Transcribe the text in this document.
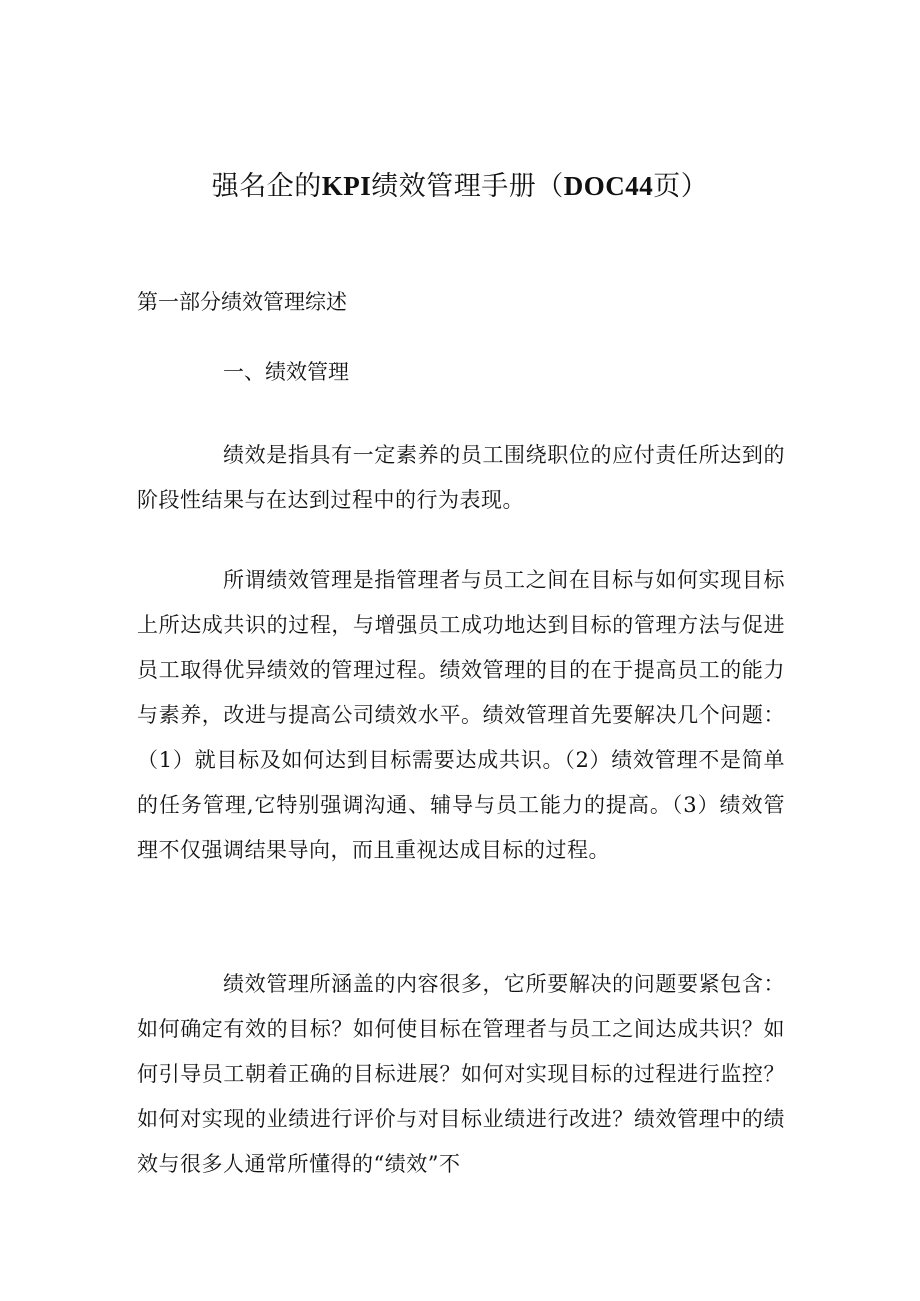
强名企的KPI绩效管理手册（DOC44页）
第一部分绩效管理综述
一、绩效管理

绩效是指具有一定素养的员工围绕职位的应付责任所达到的阶段性结果与在达到过程中的行为表现。

所谓绩效管理是指管理者与员工之间在目标与如何实现目标上所达成共识的过程，与增强员工成功地达到目标的管理方法与促进员工取得优异绩效的管理过程。绩效管理的目的在于提高员工的能力与素养，改进与提高公司绩效水平。绩效管理首先要解决几个问题：（1）就目标及如何达到目标需要达成共识。（2）绩效管理不是简单的任务管理,它特别强调沟通、辅导与员工能力的提高。（3）绩效管理不仅强调结果导向，而且重视达成目标的过程。

绩效管理所涵盖的内容很多，它所要解决的问题要紧包含：如何确定有效的目标？如何使目标在管理者与员工之间达成共识？如何引导员工朝着正确的目标进展？如何对实现目标的过程进行监控？如何对实现的业绩进行评价与对目标业绩进行改进？绩效管理中的绩效与很多人通常所懂得的“绩效”不
